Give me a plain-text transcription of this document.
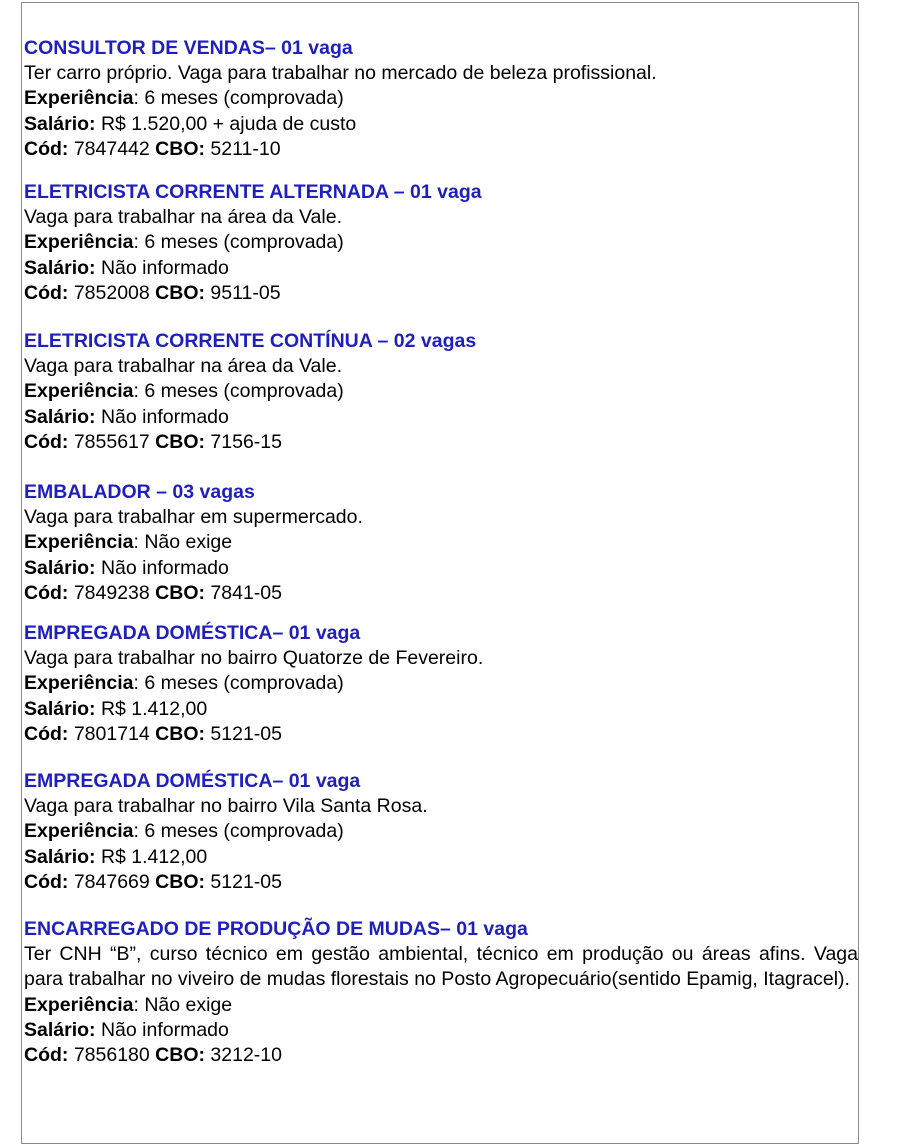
CONSULTOR DE VENDAS– 01 vaga
Ter carro próprio. Vaga para trabalhar no mercado de beleza profissional.
Experiência: 6 meses (comprovada)
Salário: R$ 1.520,00 + ajuda de custo
Cód: 7847442 CBO: 5211-10
ELETRICISTA CORRENTE ALTERNADA – 01 vaga
Vaga para trabalhar na área da Vale.
Experiência: 6 meses (comprovada)
Salário: Não informado
Cód: 7852008 CBO: 9511-05
ELETRICISTA CORRENTE CONTÍNUA – 02 vagas
Vaga para trabalhar na área da Vale.
Experiência: 6 meses (comprovada)
Salário: Não informado
Cód: 7855617 CBO: 7156-15
EMBALADOR – 03 vagas
Vaga para trabalhar em supermercado.
Experiência: Não exige
Salário: Não informado
Cód: 7849238 CBO: 7841-05
EMPREGADA DOMÉSTICA– 01 vaga
Vaga para trabalhar no bairro Quatorze de Fevereiro.
Experiência: 6 meses (comprovada)
Salário: R$ 1.412,00
Cód: 7801714 CBO: 5121-05
EMPREGADA DOMÉSTICA– 01 vaga
Vaga para trabalhar no bairro Vila Santa Rosa.
Experiência: 6 meses (comprovada)
Salário: R$ 1.412,00
Cód: 7847669 CBO: 5121-05
ENCARREGADO DE PRODUÇÃO DE MUDAS– 01 vaga
Ter CNH “B”, curso técnico em gestão ambiental, técnico em produção ou áreas afins. Vaga para trabalhar no viveiro de mudas florestais no Posto Agropecuário(sentido Epamig, Itagracel).
Experiência: Não exige
Salário: Não informado
Cód: 7856180 CBO: 3212-10
